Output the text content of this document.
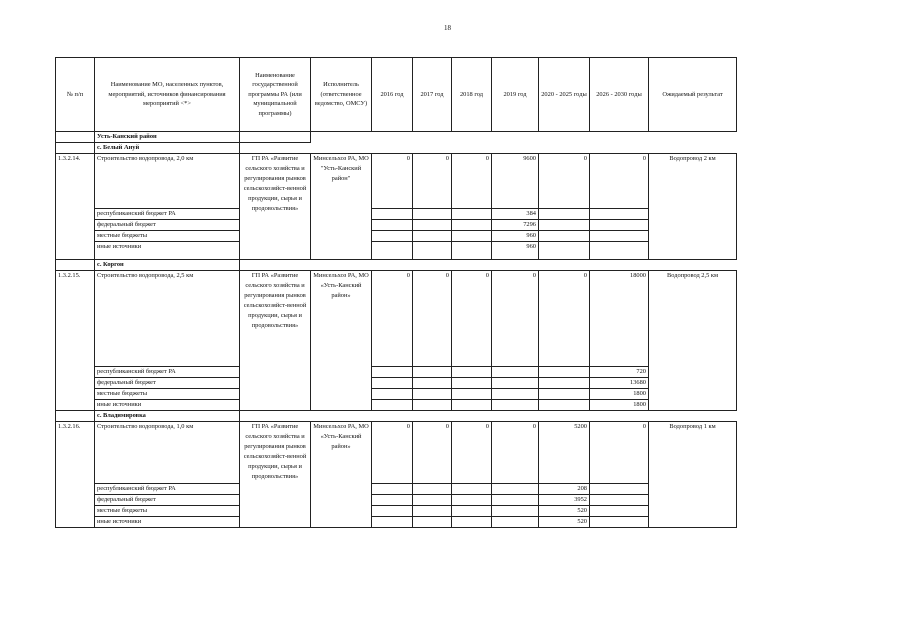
18
№ п/п	Наименование МО, населенных пунктов, мероприятий, источников финансирования мероприятий <*>	Наименование государственной программы РА (или муниципальной программы)	Исполнитель (ответственное ведомство, ОМСУ)	2016 год	2017 год	2018 год	2019 год	2020 - 2025 годы	2026 - 2030 годы	Ожидаемый результат
	Усть-Канский район									
	с. Белый Ануй									
1.3.2.14.	Строительство водопровода, 2,0 км	ГП РА «Развитие сельского хозяйства и регулирования рынков сельскохозяйст-венной продукции, сырья и продовольствия»	Минсельхоз РА, МО "Усть-Канский район"	0	0	0	9600	0	0	Водопровод 2 км
	республиканский бюджет РА						384			
	федеральный бюджет						7296			
	местные бюджеты						960			
	иные источники						960			
	с. Коргон									
1.3.2.15.	Строительство водопровода, 2,5 км	ГП РА «Развитие сельского хозяйства и регулирования рынков сельскохозяйст-венной продукции, сырья и продовольствия»	Минсельхоз РА, МО «Усть-Канский район»	0	0	0	0	0	18000	Водопровод 2,5 км
	республиканский бюджет РА								720	
	федеральный бюджет								13680	
	местные бюджеты								1800	
	иные источники								1800	
	с. Владимировка									
1.3.2.16.	Строительство водопровода, 1,0 км	ГП РА «Развитие сельского хозяйства и регулирования рынков сельскохозяйст-венной продукции, сырья и продовольствия»	Минсельхоз РА, МО «Усть-Канский район»	0	0	0	0	5200	0	Водопровод 1 км
	республиканский бюджет РА							208		
	федеральный бюджет							3952		
	местные бюджеты							520		
	иные источники							520		
